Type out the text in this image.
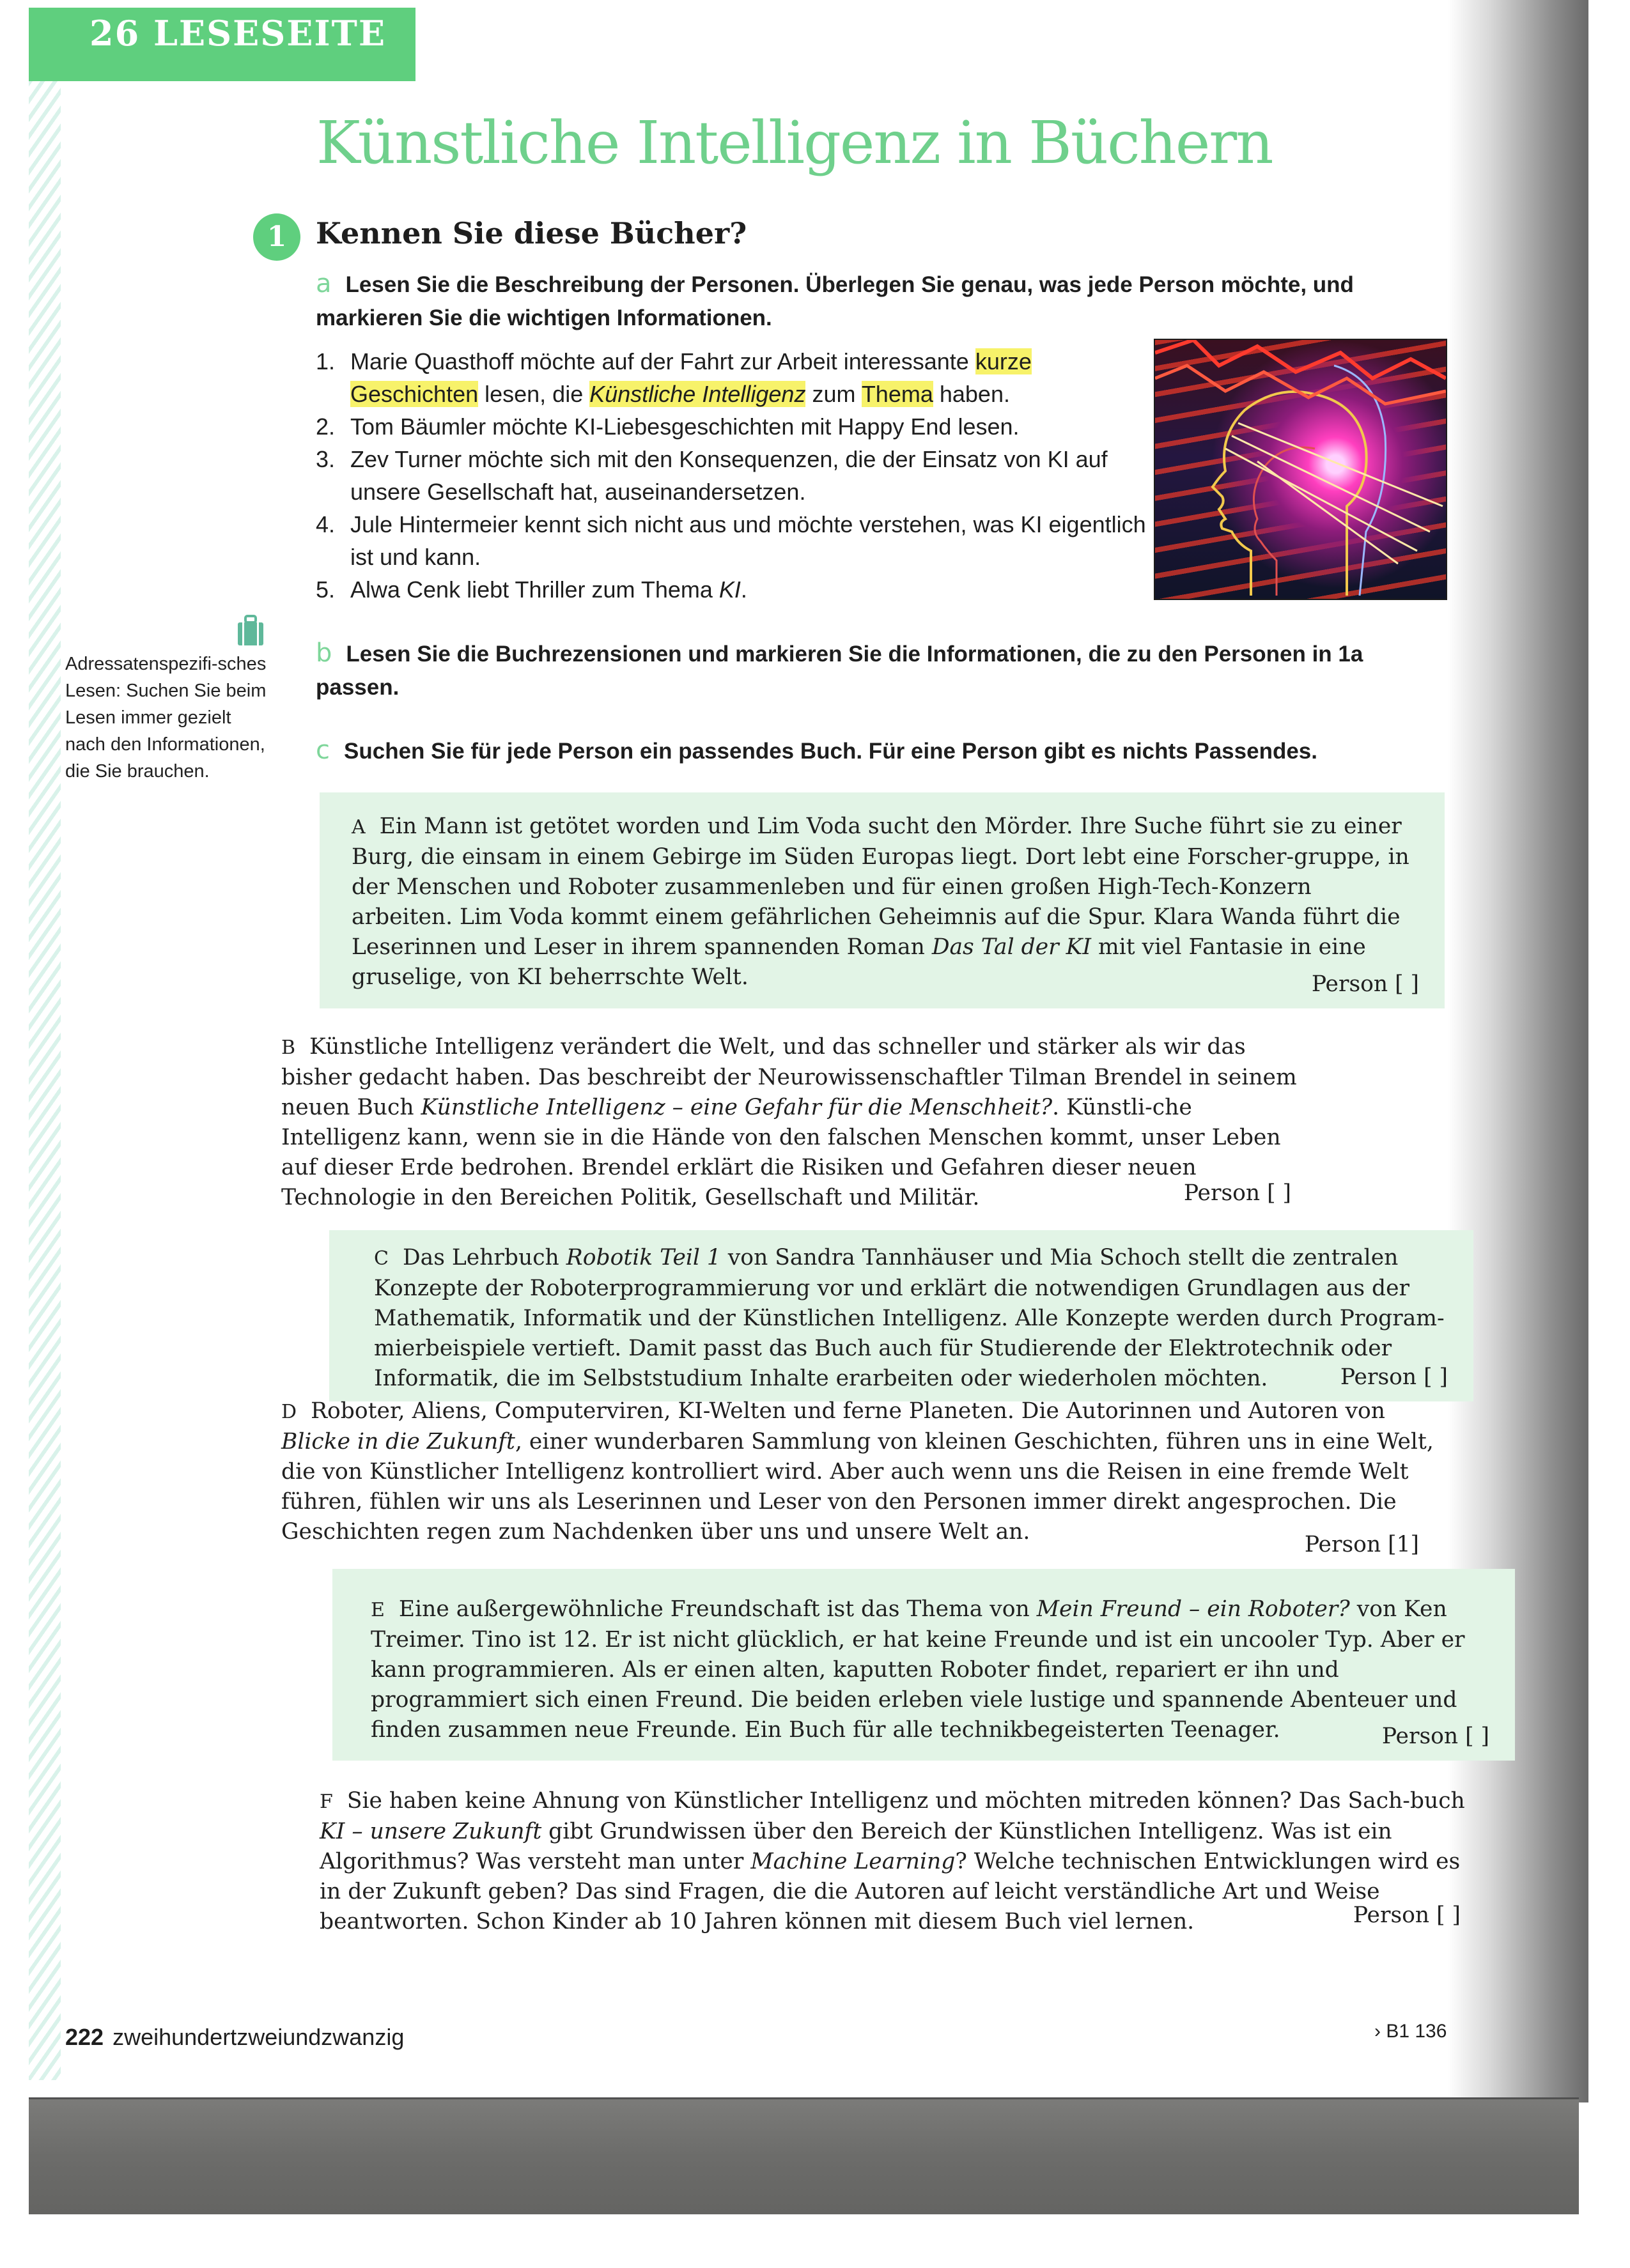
26 LESESEITE
Künstliche Intelligenz in Büchern
1 Kennen Sie diese Bücher?
a Lesen Sie die Beschreibung der Personen. Überlegen Sie genau, was jede Person möchte, und markieren Sie die wichtigen Informationen.
1. Marie Quasthoff möchte auf der Fahrt zur Arbeit interessante kurze Geschichten lesen, die Künstliche Intelligenz zum Thema haben.
2. Tom Bäumler möchte KI-Liebesgeschichten mit Happy End lesen.
3. Zev Turner möchte sich mit den Konsequenzen, die der Einsatz von KI auf unsere Gesellschaft hat, auseinandersetzen.
4. Jule Hintermeier kennt sich nicht aus und möchte verstehen, was KI eigentlich ist und kann.
5. Alwa Cenk liebt Thriller zum Thema KI.
Adressatenspezifi-sches Lesen: Suchen Sie beim Lesen immer gezielt nach den Informationen, die Sie brauchen.
b Lesen Sie die Buchrezensionen und markieren Sie die Informationen, die zu den Personen in 1a passen.
c Suchen Sie für jede Person ein passendes Buch. Für eine Person gibt es nichts Passendes.
A Ein Mann ist getötet worden und Lim Voda sucht den Mörder. Ihre Suche führt sie zu einer Burg, die einsam in einem Gebirge im Süden Europas liegt. Dort lebt eine Forscher-gruppe, in der Menschen und Roboter zusammenleben und für einen großen High-Tech-Konzern arbeiten. Lim Voda kommt einem gefährlichen Geheimnis auf die Spur. Klara Wanda führt die Leserinnen und Leser in ihrem spannenden Roman Das Tal der KI mit viel Fantasie in eine gruselige, von KI beherrschte Welt.	Person [ ]
B Künstliche Intelligenz verändert die Welt, und das schneller und stärker als wir das bisher gedacht haben. Das beschreibt der Neurowissenschaftler Tilman Brendel in seinem neuen Buch Künstliche Intelligenz – eine Gefahr für die Menschheit?. Künstli-che Intelligenz kann, wenn sie in die Hände von den falschen Menschen kommt, unser Leben auf dieser Erde bedrohen. Brendel erklärt die Risiken und Gefahren dieser neuen Technologie in den Bereichen Politik, Gesellschaft und Militär.	Person [ ]
C Das Lehrbuch Robotik Teil 1 von Sandra Tannhäuser und Mia Schoch stellt die zentralen Konzepte der Roboterprogrammierung vor und erklärt die notwendigen Grundlagen aus der Mathematik, Informatik und der Künstlichen Intelligenz. Alle Konzepte werden durch Program-mierbeispiele vertieft. Damit passt das Buch auch für Studierende der Elektrotechnik oder Informatik, die im Selbststudium Inhalte erarbeiten oder wiederholen möchten.	Person [ ]
D Roboter, Aliens, Computerviren, KI-Welten und ferne Planeten. Die Autorinnen und Autoren von Blicke in die Zukunft, einer wunderbaren Sammlung von kleinen Geschichten, führen uns in eine Welt, die von Künstlicher Intelligenz kontrolliert wird. Aber auch wenn uns die Reisen in eine fremde Welt führen, fühlen wir uns als Leserinnen und Leser von den Personen immer direkt angesprochen. Die Geschichten regen zum Nachdenken über uns und unsere Welt an.	Person [1]
E Eine außergewöhnliche Freundschaft ist das Thema von Mein Freund – ein Roboter? von Ken Treimer. Tino ist 12. Er ist nicht glücklich, er hat keine Freunde und ist ein uncooler Typ. Aber er kann programmieren. Als er einen alten, kaputten Roboter findet, repariert er ihn und programmiert sich einen Freund. Die beiden erleben viele lustige und spannende Abenteuer und finden zusammen neue Freunde. Ein Buch für alle technikbegeisterten Teenager.	Person [ ]
F Sie haben keine Ahnung von Künstlicher Intelligenz und möchten mitreden können? Das Sach-buch KI – unsere Zukunft gibt Grundwissen über den Bereich der Künstlichen Intelligenz. Was ist ein Algorithmus? Was versteht man unter Machine Learning? Welche technischen Entwicklungen wird es in der Zukunft geben? Das sind Fragen, die die Autoren auf leicht verständliche Art und Weise beantworten. Schon Kinder ab 10 Jahren können mit diesem Buch viel lernen.	Person [ ]
222 zweihundertzweiundzwanzig	› B1 136
